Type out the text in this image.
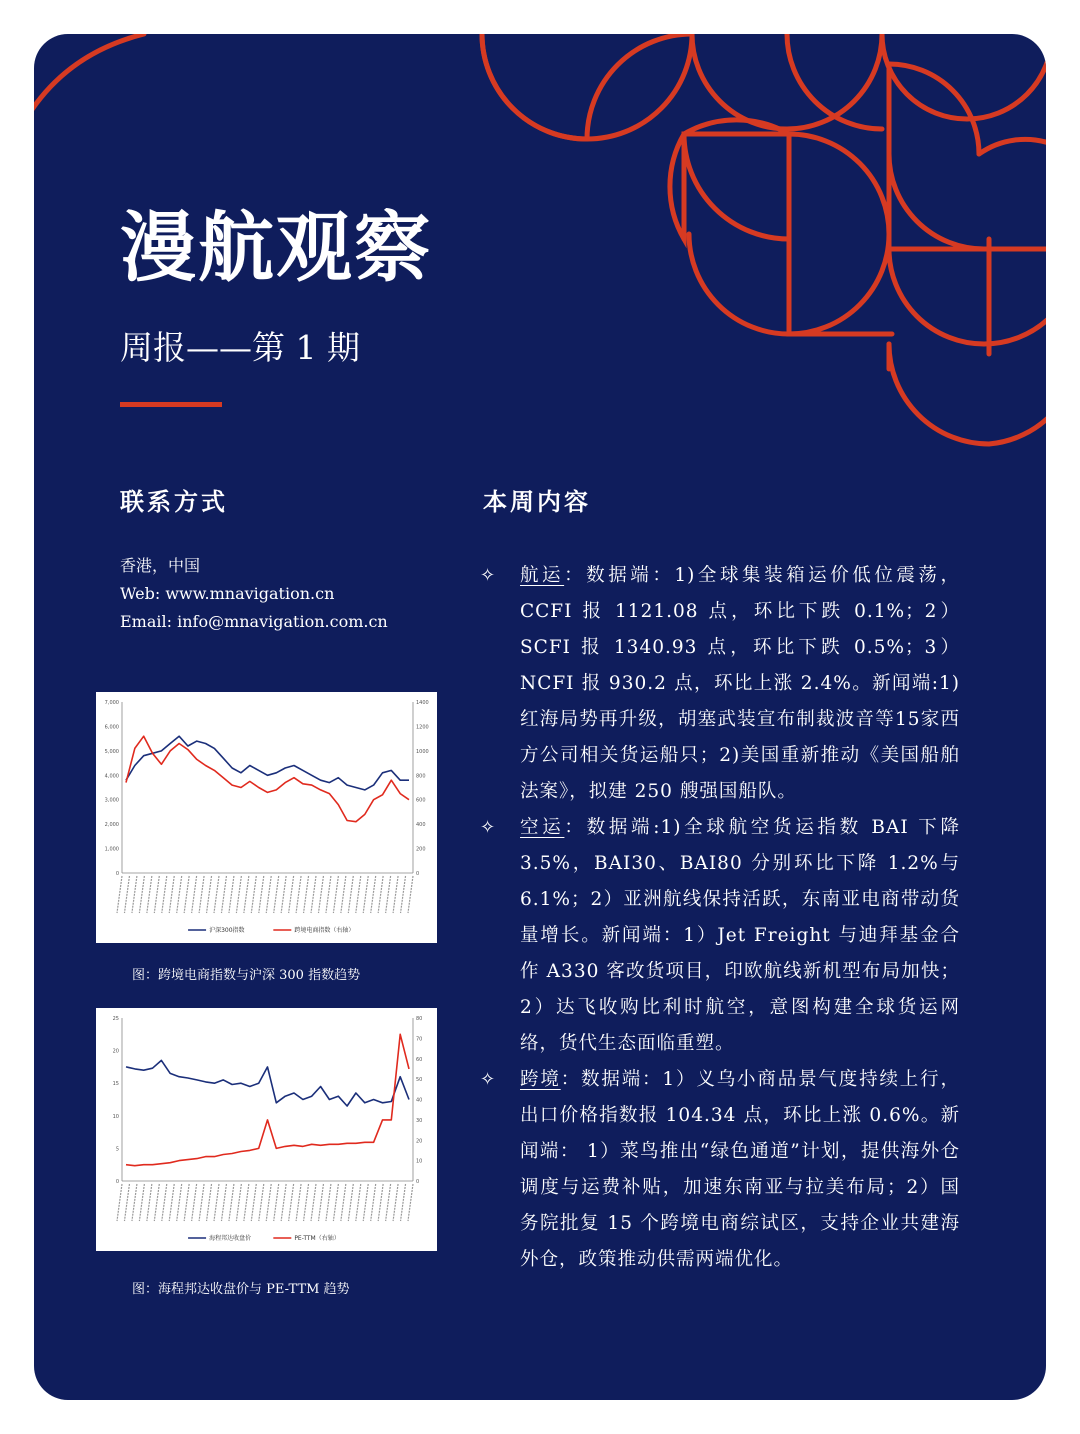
漫航观察

周报——第 1 期

联系方式	本周内容
香港，中国
Web: www.mnavigation.cn
Email: info@mnavigation.com.cn
0
1,000
2,000
3,000
4,000
5,000
6,000
7,000
0
200
400
600
800
1000
1200
1400
沪深300指数	跨境电商指数（右轴）
图：跨境电商指数与沪深 300 指数趋势
0
5
10
15
20
25
0
10
20
30
40
50
60
70
80
海程邦达收盘价	PE-TTM（右轴）
图：海程邦达收盘价与 PE-TTM 趋势

✧ 航运：数据端：1)全球集装箱运价低位震荡，CCFI 报 1121.08 点，环比下跌 0.1%；2）SCFI 报 1340.93 点，环比下跌 0.5%；3）NCFI 报 930.2 点，环比上涨 2.4%。新闻端:1) 红海局势再升级，胡塞武装宣布制裁波音等15家西方公司相关货运船只；2)美国重新推动《美国船舶法案》，拟建 250 艘强国船队。

✧ 空运：数据端:1)全球航空货运指数 BAI 下降 3.5%，BAI30、BAI80 分别环比下降 1.2%与 6.1%；2）亚洲航线保持活跃，东南亚电商带动货量增长。新闻端：1）Jet Freight 与迪拜基金合作 A330 客改货项目，印欧航线新机型布局加快；2）达飞收购比利时航空，意图构建全球货运网络，货代生态面临重塑。

✧ 跨境：数据端：1）义乌小商品景气度持续上行，出口价格指数报 104.34 点，环比上涨 0.6%。新闻端： 1）菜鸟推出“绿色通道”计划，提供海外仓调度与运费补贴，加速东南亚与拉美布局；2）国务院批复 15 个跨境电商综试区，支持企业共建海外仓，政策推动供需两端优化。
